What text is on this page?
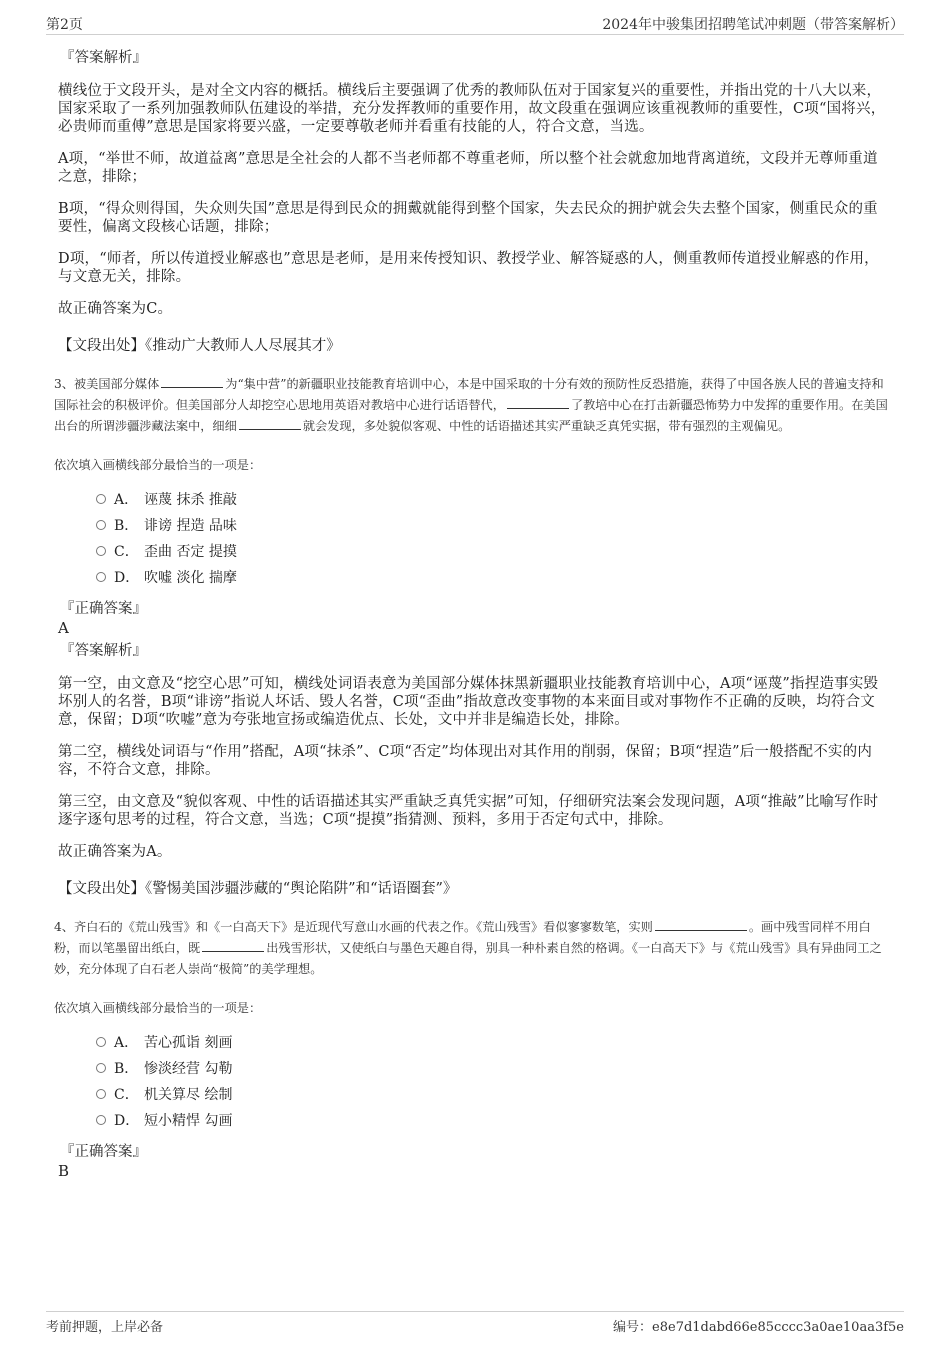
第2页	2024年中骏集团招聘笔试冲刺题（带答案解析）
『答案解析』
横线位于文段开头，是对全文内容的概括。横线后主要强调了优秀的教师队伍对于国家复兴的重要性，并指出党的十八大以来，国家采取了一系列加强教师队伍建设的举措，充分发挥教师的重要作用，故文段重在强调应该重视教师的重要性，C项“国将兴，必贵师而重傅”意思是国家将要兴盛，一定要尊敬老师并看重有技能的人，符合文意，当选。
A项，“举世不师，故道益离”意思是全社会的人都不当老师都不尊重老师，所以整个社会就愈加地背离道统，文段并无尊师重道之意，排除；
B项，“得众则得国，失众则失国”意思是得到民众的拥戴就能得到整个国家，失去民众的拥护就会失去整个国家，侧重民众的重要性，偏离文段核心话题，排除；
D项，“师者，所以传道授业解惑也”意思是老师，是用来传授知识、教授学业、解答疑惑的人，侧重教师传道授业解惑的作用，与文意无关，排除。
故正确答案为C。
【文段出处】《推动广大教师人人尽展其才》
3、被美国部分媒体	为“集中营”的新疆职业技能教育培训中心，本是中国采取的十分有效的预防性反恐措施，获得了中国各族人民的普遍支持和国际社会的积极评价。但美国部分人却挖空心思地用英语对教培中心进行话语替代，	了教培中心在打击新疆恐怖势力中发挥的重要作用。在美国出台的所谓涉疆涉藏法案中，细细	就会发现，多处貌似客观、中性的话语描述其实严重缺乏真凭实据，带有强烈的主观偏见。
依次填入画横线部分最恰当的一项是：
A． 诬蔑 抹杀 推敲
B． 诽谤 捏造 品味
C． 歪曲 否定 提摸
D． 吹嘘 淡化 揣摩
『正确答案』
A
『答案解析』
第一空，由文意及“挖空心思”可知，横线处词语表意为美国部分媒体抹黑新疆职业技能教育培训中心，A项“诬蔑”指捏造事实毁坏别人的名誉，B项“诽谤”指说人坏话、毁人名誉，C项“歪曲”指故意改变事物的本来面目或对事物作不正确的反映，均符合文意，保留；D项“吹嘘”意为夸张地宣扬或编造优点、长处，文中并非是编造长处，排除。
第二空，横线处词语与“作用”搭配，A项“抹杀”、C项“否定”均体现出对其作用的削弱，保留；B项“捏造”后一般搭配不实的内容，不符合文意，排除。
第三空，由文意及“貌似客观、中性的话语描述其实严重缺乏真凭实据”可知，仔细研究法案会发现问题，A项“推敲”比喻写作时逐字逐句思考的过程，符合文意，当选；C项“提摸”指猜测、预料，多用于否定句式中，排除。
故正确答案为A。
【文段出处】《警惕美国涉疆涉藏的“舆论陷阱”和“话语圈套”》
4、齐白石的《荒山残雪》和《一白高天下》是近现代写意山水画的代表之作。《荒山残雪》看似寥寥数笔，实则	。画中残雪同样不用白粉，而以笔墨留出纸白，既	出残雪形状，又使纸白与墨色天趣自得，别具一种朴素自然的格调。《一白高天下》与《荒山残雪》具有异曲同工之妙，充分体现了白石老人崇尚“极简”的美学理想。
依次填入画横线部分最恰当的一项是：
A． 苦心孤诣 刻画
B． 惨淡经营 勾勒
C． 机关算尽 绘制
D． 短小精悍 勾画
『正确答案』
B
考前押题，上岸必备	编号：e8e7d1dabd66e85cccc3a0ae10aa3f5e
